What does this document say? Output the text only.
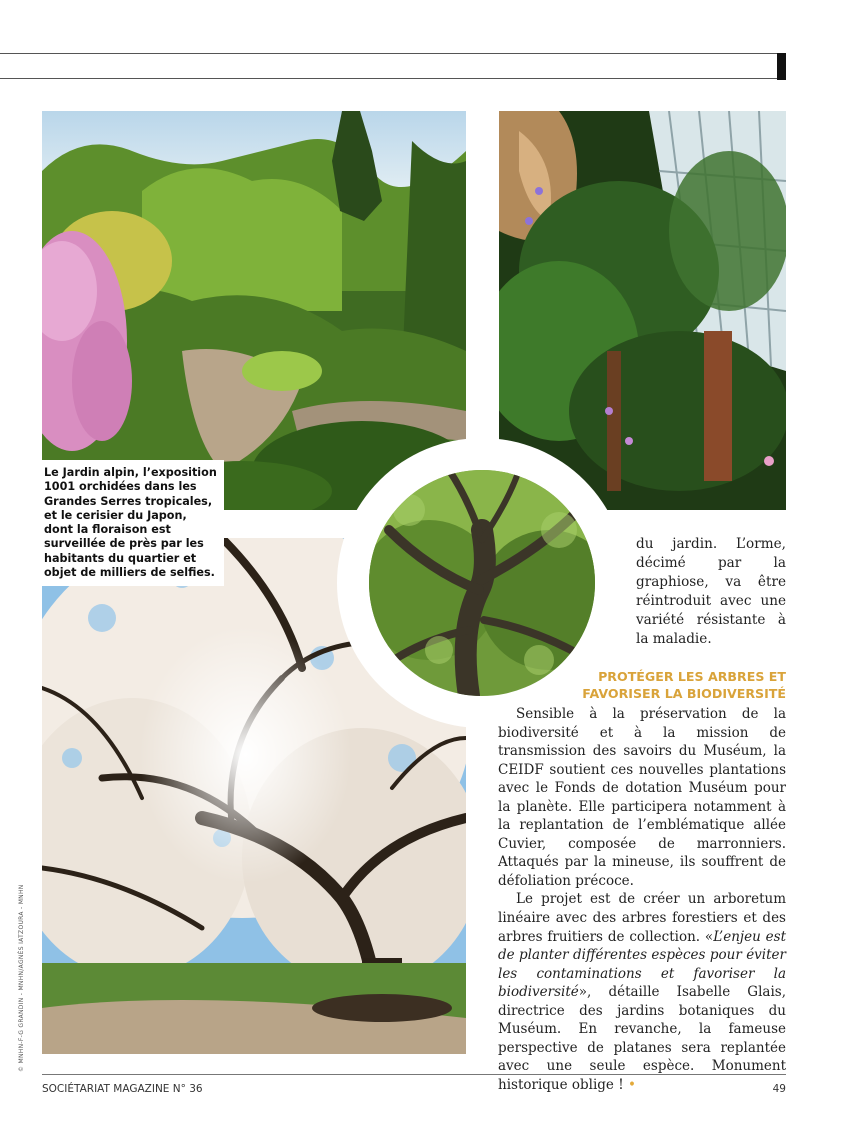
Le Jardin alpin, l’exposition 1001 orchidées dans les Grandes Serres tropicales, et le cerisier du Japon, dont la floraison est surveillée de près par les habitants du quartier et objet de milliers de selfies.

du jardin. L’orme, décimé par la graphiose, va être réintroduit avec une variété résistante à la maladie.

PROTÉGER LES ARBRES ET
FAVORISER LA BIODIVERSITÉ

Sensible à la préservation de la biodiversité et à la mission de transmission des savoirs du Muséum, la CEIDF soutient ces nouvelles plantations avec le Fonds de dotation Muséum pour la planète. Elle participera notamment à la replantation de l’emblématique allée Cuvier, composée de marronniers. Attaqués par la mineuse, ils souffrent de défoliation précoce.

Le projet est de créer un arboretum linéaire avec des arbres forestiers et des arbres fruitiers de collection. «L’enjeu est de planter différentes espèces pour éviter les contaminations et favoriser la biodiversité», détaille Isabelle Glais, directrice des jardins botaniques du Muséum. En revanche, la fameuse perspective de platanes sera replantée avec une seule espèce. Monument historique oblige ! •

© MNHN-F-G GRANDIN - MNHN/AGNÈS IATZOURA - MNHN
SOCIÉTARIAT MAGAZINE N° 36	49
